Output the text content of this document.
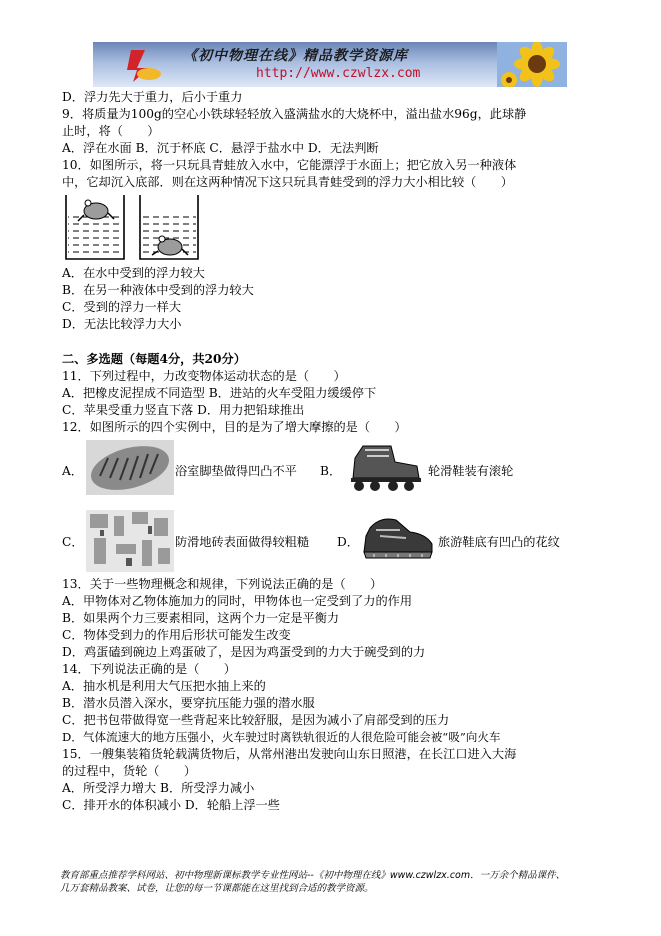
《初中物理在线》精品教学资源库
http://www.czwlzx.com
D．浮力先大于重力，后小于重力
9．将质量为100g的空心小铁球轻轻放入盛满盐水的大烧杯中，溢出盐水96g，此球静
止时，将（　　）
A．浮在水面 B．沉于杯底 C．悬浮于盐水中 D．无法判断
10．如图所示，将一只玩具青蛙放入水中，它能漂浮于水面上；把它放入另一种液体
中，它却沉入底部．则在这两种情况下这只玩具青蛙受到的浮力大小相比较（　　）
A．在水中受到的浮力较大
B．在另一种液体中受到的浮力较大
C．受到的浮力一样大
D．无法比较浮力大小
二、多选题（每题4分，共20分）
11．下列过程中，力改变物体运动状态的是（　　）
A．把橡皮泥捏成不同造型 B．进站的火车受阻力缓缓停下
C．苹果受重力竖直下落 D．用力把铅球推出
12．如图所示的四个实例中，目的是为了增大摩擦的是（　　）
A．	浴室脚垫做得凹凸不平 B．	轮滑鞋装有滚轮
C．	防滑地砖表面做得较粗糙 D．	旅游鞋底有凹凸的花纹
13．关于一些物理概念和规律，下列说法正确的是（　　）
A．甲物体对乙物体施加力的同时，甲物体也一定受到了力的作用
B．如果两个力三要素相同，这两个力一定是平衡力
C．物体受到力的作用后形状可能发生改变
D．鸡蛋磕到碗边上鸡蛋破了，是因为鸡蛋受到的力大于碗受到的力
14．下列说法正确的是（　　）
A．抽水机是利用大气压把水抽上来的
B．潜水员潜入深水，要穿抗压能力强的潜水服
C．把书包带做得宽一些背起来比较舒服，是因为减小了肩部受到的压力
D．气体流速大的地方压强小，火车驶过时离铁轨很近的人很危险可能会被“吸”向火车
15．一艘集装箱货轮载满货物后，从常州港出发驶向山东日照港，在长江口进入大海
的过程中，货轮（　　）
A．所受浮力增大 B．所受浮力减小
C．排开水的体积减小 D．轮船上浮一些
教育部重点推荐学科网站、初中物理新课标教学专业性网站--《初中物理在线》www.czwlzx.com．一万余个精品课件、
几万套精品教案、试卷，让您的每一节课都能在这里找到合适的教学资源。
